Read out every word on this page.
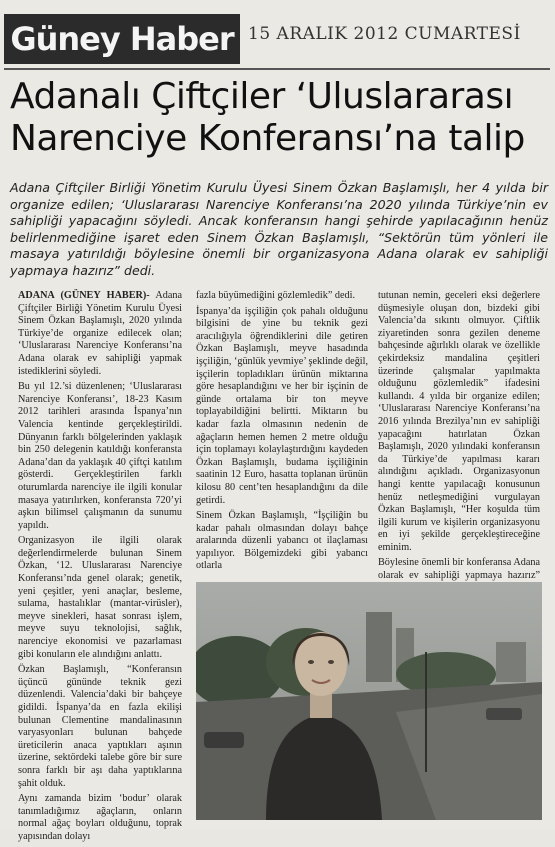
Güney Haber 15 ARALIK 2012 CUMARTESİ
Adanalı Çiftçiler ‘Uluslararası Narenciye Konferansı’na talip
Adana Çiftçiler Birliği Yönetim Kurulu Üyesi Sinem Özkan Başlamışlı, her 4 yılda bir organize edilen; ‘Uluslararası Narenciye Konferansı’na 2020 yılında Türkiye’nin ev sahipliği yapacağını söyledi. Ancak konferansın hangi şehirde yapılacağının henüz belirlenmediğine işaret eden Sinem Özkan Başlamışlı, “Sektörün tüm yönleri ile masaya yatırıldığı böylesine önemli bir organizasyona Adana olarak ev sahipliği yapmaya hazırız” dedi.

ADANA (GÜNEY HABER)- Adana Çiftçiler Birliği Yönetim Kurulu Üyesi Sinem Özkan Başlamışlı, 2020 yılında Türkiye’de organize edilecek olan; ‘Uluslararası Narenciye Konferansı’na Adana olarak ev sahipliği yapmak istediklerini söyledi.

Bu yıl 12.’si düzenlenen; ‘Uluslararası Narenciye Konferansı’, 18-23 Kasım 2012 tarihleri arasında İspanya’nın Valencia kentinde gerçekleştirildi. Dünyanın farklı bölgelerinden yaklaşık bin 250 delegenin katıldığı konferansta Adana’dan da yaklaşık 40 çiftçi katılım gösterdi. Gerçekleştirilen farklı oturumlarda narenciye ile ilgili konular masaya yatırılırken, konferansta 720’yi aşkın bilimsel çalışmanın da sunumu yapıldı.

Organizasyon ile ilgili olarak değerlendirmelerde bulunan Sinem Özkan, ‘12. Uluslararası Narenciye Konferansı’nda genel olarak; genetik, yeni çeşitler, yeni anaçlar, besleme, sulama, hastalıklar (mantar-virüsler), meyve sinekleri, hasat sonrası işlem, meyve suyu teknolojisi, sağlık, narenciye ekonomisi ve pazarlaması gibi konuların ele alındığını anlattı.

Özkan Başlamışlı, “Konferansın üçüncü gününde teknik gezi düzenlendi. Valencia’daki bir bahçeye gidildi. İspanya’da en fazla ekilişi bulunan Clementine mandalinasının varyasyonları bulunan bahçede üreticilerin anaca yaptıkları aşının üzerine, sektördeki talebe göre bir sure sonra farklı bir aşı daha yaptıklarına şahit olduk.

Aynı zamanda bizim ‘bodur’ olarak tanımladığımız ağaçların, onların normal ağaç boyları olduğunu, toprak yapısından dolayı

fazla büyümediğini gözlemledik” dedi.

İspanya’da işçiliğin çok pahalı olduğunu bilgisini de yine bu teknik gezi aracılığıyla öğrendiklerini dile getiren Özkan Başlamışlı, meyve hasadında işçiliğin, ‘günlük yevmiye’ şeklinde değil, işçilerin topladıkları ürünün miktarına göre hesaplandığını ve her bir işçinin de günde ortalama bir ton meyve toplayabildiğini belirtti. Miktarın bu kadar fazla olmasının nedenin de ağaçların hemen hemen 2 metre olduğu için toplamayı kolaylaştırdığını kaydeden Özkan Başlamışlı, budama işçiliğinin saatinin 12 Euro, hasatta toplanan ürünün kilosu 80 cent’ten hesaplandığını da dile getirdi.

Sinem Özkan Başlamışlı, “İşçiliğin bu kadar pahalı olmasından dolayı bahçe aralarında düzenli yabancı ot ilaçlaması yapılıyor. Bölgemizdeki gibi yabancı otlarla

tutunan nemin, geceleri eksi değerlere düşmesiyle oluşan don, bizdeki gibi Valencia’da sıkıntı olmuyor. Çiftlik ziyaretinden sonra gezilen deneme bahçesinde ağırlıklı olarak ve özellikle çekirdeksiz mandalina çeşitleri üzerinde çalışmalar yapılmakta olduğunu gözlemledik” ifadesini kullandı. 4 yılda bir organize edilen; ‘Uluslararası Narenciye Konferansı’na 2016 yılında Brezilya’nın ev sahipliği yapacağını hatırlatan Özkan Başlamışlı, 2020 yılındaki konferansın da Türkiye’de yapılması kararı alındığını açıkladı. Organizasyonun hangi kentte yapılacağı konusunun henüz netleşmediğini vurgulayan Özkan Başlamışlı, “Her koşulda tüm ilgili kurum ve kişilerin organizasyonu en iyi şekilde gerçekleştireceğine eminim.

Böylesine önemli bir konferansa Adana olarak ev sahipliği yapmaya hazırız”
